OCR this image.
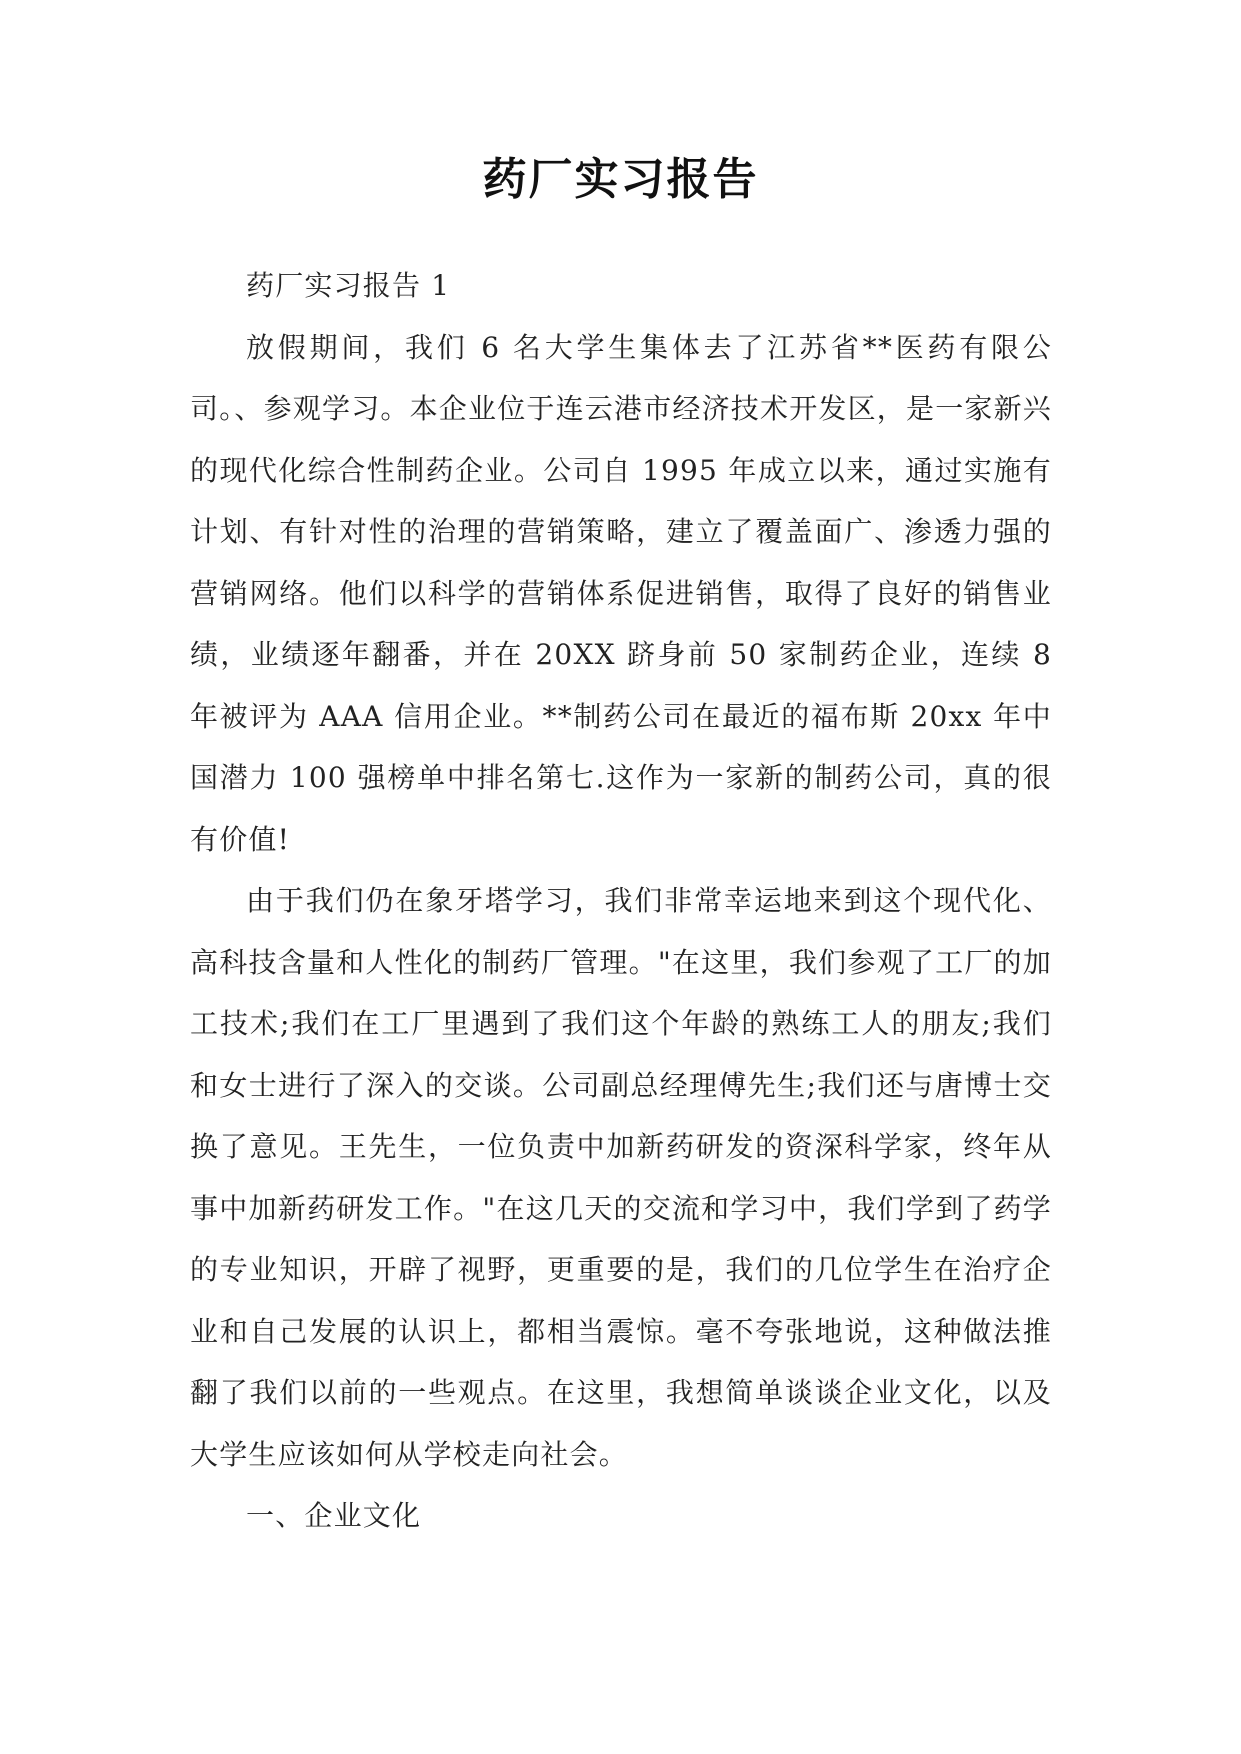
药厂实习报告

药厂实习报告 1

放假期间，我们 6 名大学生集体去了江苏省**医药有限公司。、参观学习。本企业位于连云港市经济技术开发区，是一家新兴的现代化综合性制药企业。公司自 1995 年成立以来，通过实施有计划、有针对性的治理的营销策略，建立了覆盖面广、渗透力强的营销网络。他们以科学的营销体系促进销售，取得了良好的销售业绩，业绩逐年翻番，并在 20XX 跻身前 50 家制药企业，连续 8 年被评为 AAA 信用企业。**制药公司在最近的福布斯 20xx 年中国潜力 100 强榜单中排名第七.这作为一家新的制药公司，真的很有价值!

由于我们仍在象牙塔学习，我们非常幸运地来到这个现代化、高科技含量和人性化的制药厂管理。"在这里，我们参观了工厂的加工技术;我们在工厂里遇到了我们这个年龄的熟练工人的朋友;我们和女士进行了深入的交谈。公司副总经理傅先生;我们还与唐博士交换了意见。王先生，一位负责中加新药研发的资深科学家，终年从事中加新药研发工作。"在这几天的交流和学习中，我们学到了药学的专业知识，开辟了视野，更重要的是，我们的几位学生在治疗企业和自己发展的认识上，都相当震惊。毫不夸张地说，这种做法推翻了我们以前的一些观点。在这里，我想简单谈谈企业文化，以及大学生应该如何从学校走向社会。

一、企业文化
